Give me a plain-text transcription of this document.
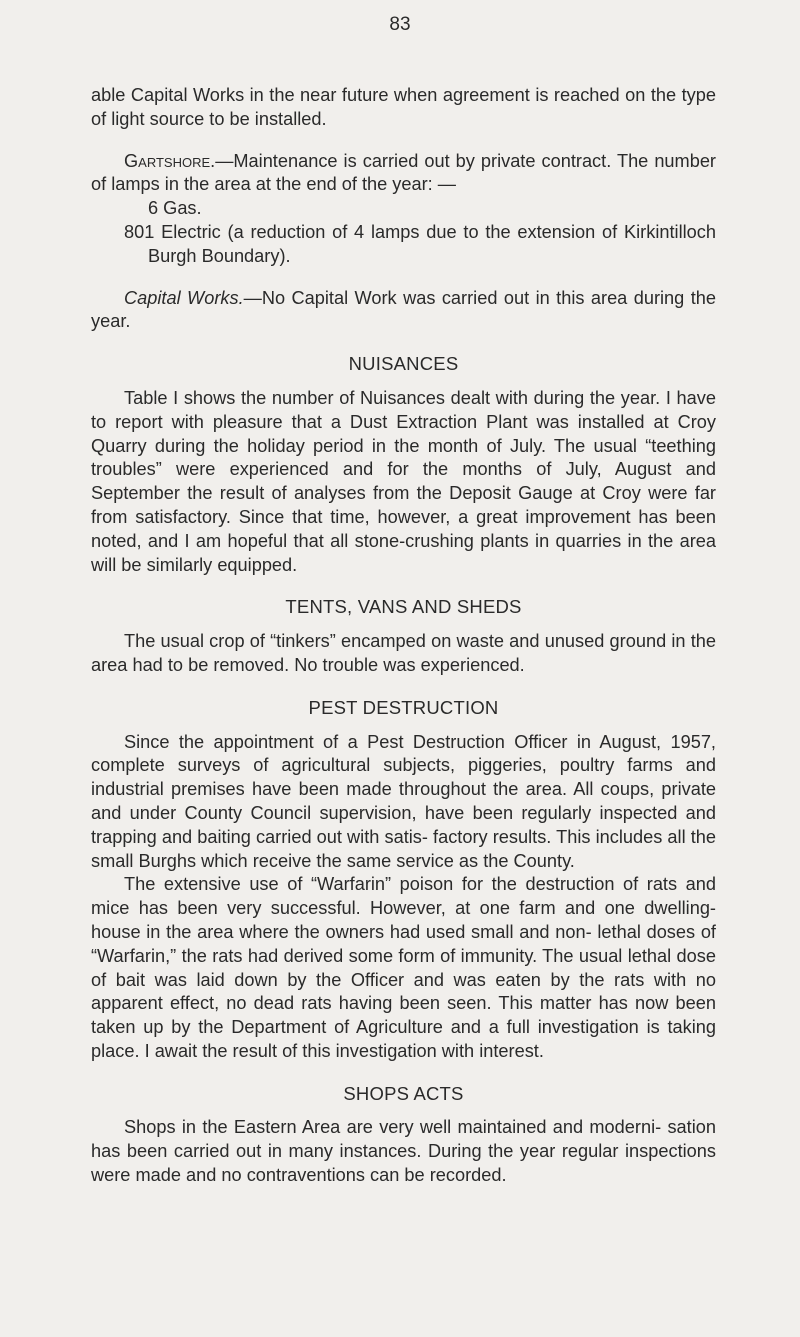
83

able Capital Works in the near future when agreement is reached on the type of light source to be installed.

Gartshore.—Maintenance is carried out by private contract. The number of lamps in the area at the end of the year: —

6 Gas.

801 Electric (a reduction of 4 lamps due to the extension of Kirkintilloch Burgh Boundary).

Capital Works.—No Capital Work was carried out in this area during the year.

NUISANCES

Table I shows the number of Nuisances dealt with during the year. I have to report with pleasure that a Dust Extraction Plant was installed at Croy Quarry during the holiday period in the month of July. The usual “teething troubles” were experienced and for the months of July, August and September the result of analyses from the Deposit Gauge at Croy were far from satisfactory. Since that time, however, a great improvement has been noted, and I am hopeful that all stone-crushing plants in quarries in the area will be similarly equipped.

TENTS, VANS AND SHEDS

The usual crop of “tinkers” encamped on waste and unused ground in the area had to be removed. No trouble was experienced.

PEST DESTRUCTION

Since the appointment of a Pest Destruction Officer in August, 1957, complete surveys of agricultural subjects, piggeries, poultry farms and industrial premises have been made throughout the area. All coups, private and under County Council supervision, have been regularly inspected and trapping and baiting carried out with satis- factory results. This includes all the small Burghs which receive the same service as the County.

The extensive use of “Warfarin” poison for the destruction of rats and mice has been very successful. However, at one farm and one dwelling-house in the area where the owners had used small and non- lethal doses of “Warfarin,” the rats had derived some form of immunity. The usual lethal dose of bait was laid down by the Officer and was eaten by the rats with no apparent effect, no dead rats having been seen. This matter has now been taken up by the Department of Agriculture and a full investigation is taking place. I await the result of this investigation with interest.

SHOPS ACTS

Shops in the Eastern Area are very well maintained and moderni- sation has been carried out in many instances. During the year regular inspections were made and no contraventions can be recorded.
